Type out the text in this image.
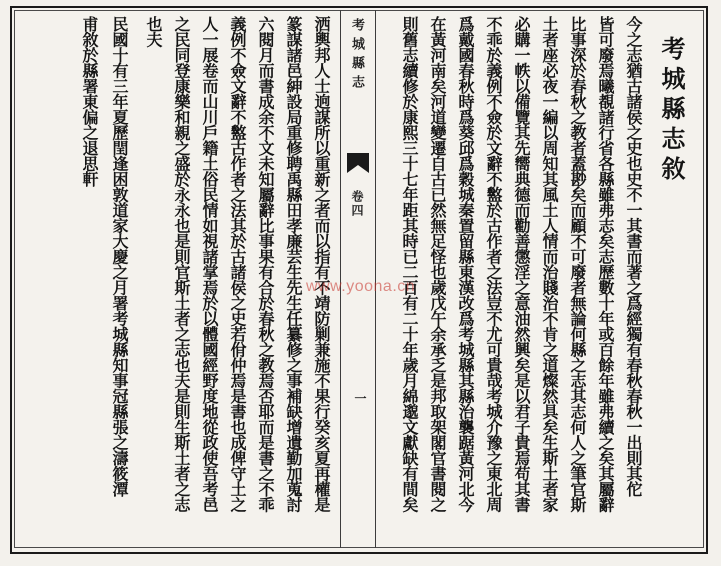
考城縣志敘
今之志猶古諸侯之史也史不一其書而著之爲經獨有春秋春秋一出則其佗
皆可廢焉曦覩諸行省各縣雖弗志矣志歷數十年或百餘年雖弗續之矣其屬辭
比事深於春秋之教者蓋尠矣而顧不可廢者無論何縣之志其志何人之筆官斯
土者座必夜一編以周知其風土人情而治賤治不肯之道燦然具矣生斯土者家
必購一帙以備覽其先嚮典德而勸善懲淫之意油然興矣是以君子貴焉苟其書
不乖於義例不僉於文辭不盭於古作者之法豈不尤可貴哉考城介豫之東北周
爲戴國春秋時爲葵邱爲穀城秦置留縣東漢改爲考城縣其縣治襲踞黃河北今
在黃河南矣河道變遷自古已然無足怪也歲戊午余承乏是邦取架閣官書閱之
則舊志續修於康熙三十七年距其時已二百有二十年歲月綿邈文獻缺有間矣
考城縣志
卷四
一
洒輿邦人士逈謀所以重新之者而以指有不靖防剿兼施不果行癸亥夏再權是
篆謀諸邑紳設局重修聘禹縣田孝廉芸生先生任纂修之事補缺增遺勤加蒐討
六閱月而書成余不文未知屬辭比事果有合於春秋之教焉否耶而是書之不乖
義例不僉文辭不盭古作者之法其於古諸侯之史若佾仲焉是書也成俾守土之
人一展卷而山川戶籍土俗民情如視諸掌焉於以體國經野度地從政使吾考邑
之民同登康樂和親之盛於永永也是則官斯土者之志也夫是則生斯土者之志
也夫
民國十有三年夏歷閏逢困敦道家大慶之月署考城縣知事冠縣張之濤筱潭
甫敘於縣署東偏之退思軒
www.yoona.cn
